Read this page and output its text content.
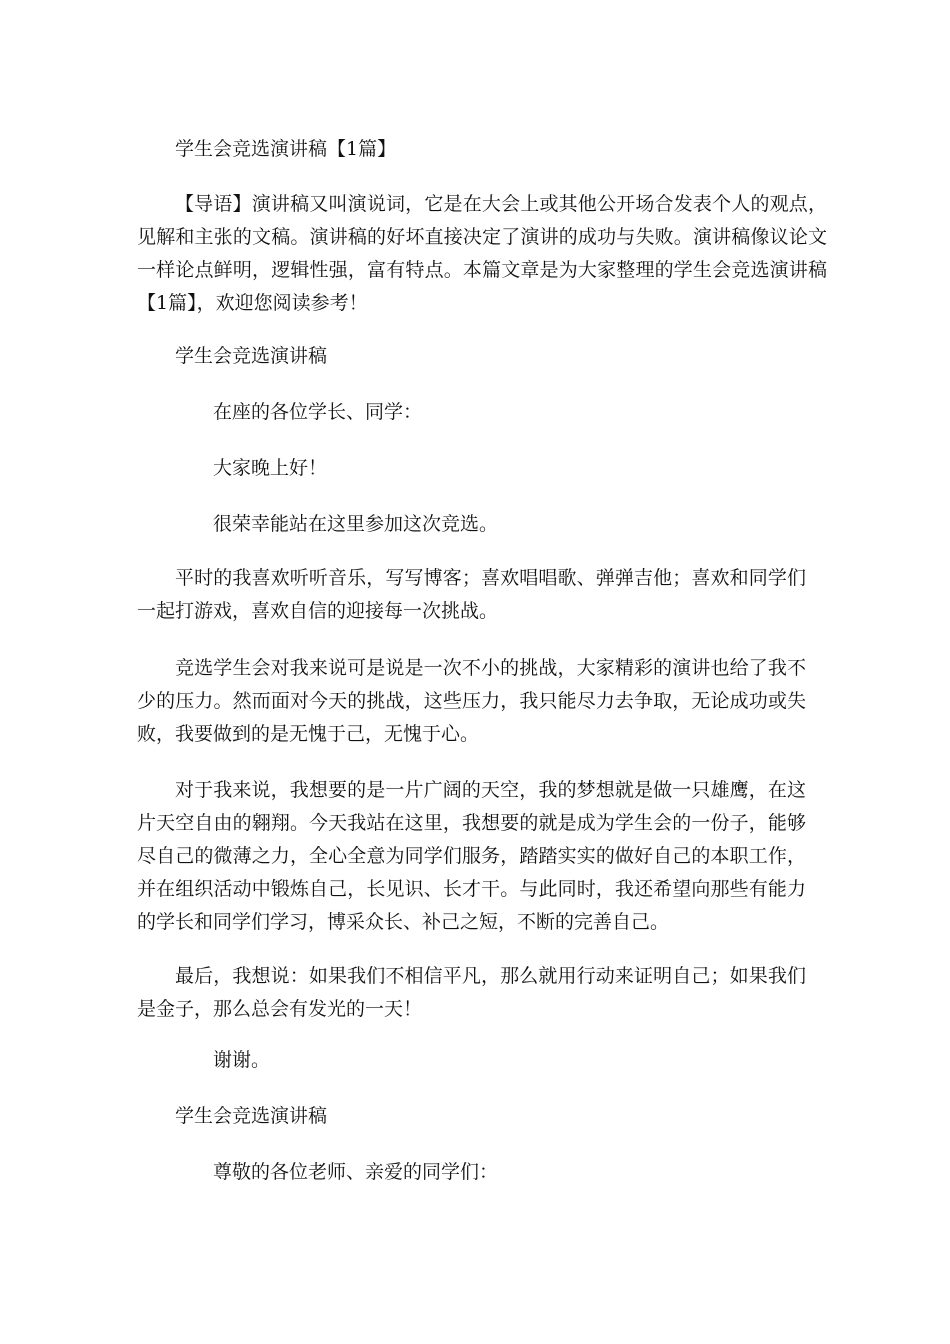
学生会竞选演讲稿【1篇】
【导语】演讲稿又叫演说词，它是在大会上或其他公开场合发表个人的观点，见解和主张的文稿。演讲稿的好坏直接决定了演讲的成功与失败。演讲稿像议论文一样论点鲜明，逻辑性强，富有特点。本篇文章是为大家整理的学生会竞选演讲稿【1篇】，欢迎您阅读参考！
学生会竞选演讲稿
在座的各位学长、同学：
大家晚上好！
很荣幸能站在这里参加这次竞选。
平时的我喜欢听听音乐，写写博客；喜欢唱唱歌、弹弹吉他；喜欢和同学们一起打游戏，喜欢自信的迎接每一次挑战。
竞选学生会对我来说可是说是一次不小的挑战，大家精彩的演讲也给了我不少的压力。然而面对今天的挑战，这些压力，我只能尽力去争取，无论成功或失败，我要做到的是无愧于己，无愧于心。
对于我来说，我想要的是一片广阔的天空，我的梦想就是做一只雄鹰，在这片天空自由的翱翔。今天我站在这里，我想要的就是成为学生会的一份子，能够尽自己的微薄之力，全心全意为同学们服务，踏踏实实的做好自己的本职工作，并在组织活动中锻炼自己，长见识、长才干。与此同时，我还希望向那些有能力的学长和同学们学习，博采众长、补己之短，不断的完善自己。
最后，我想说：如果我们不相信平凡，那么就用行动来证明自己；如果我们是金子，那么总会有发光的一天！
谢谢。
学生会竞选演讲稿
尊敬的各位老师、亲爱的同学们：
